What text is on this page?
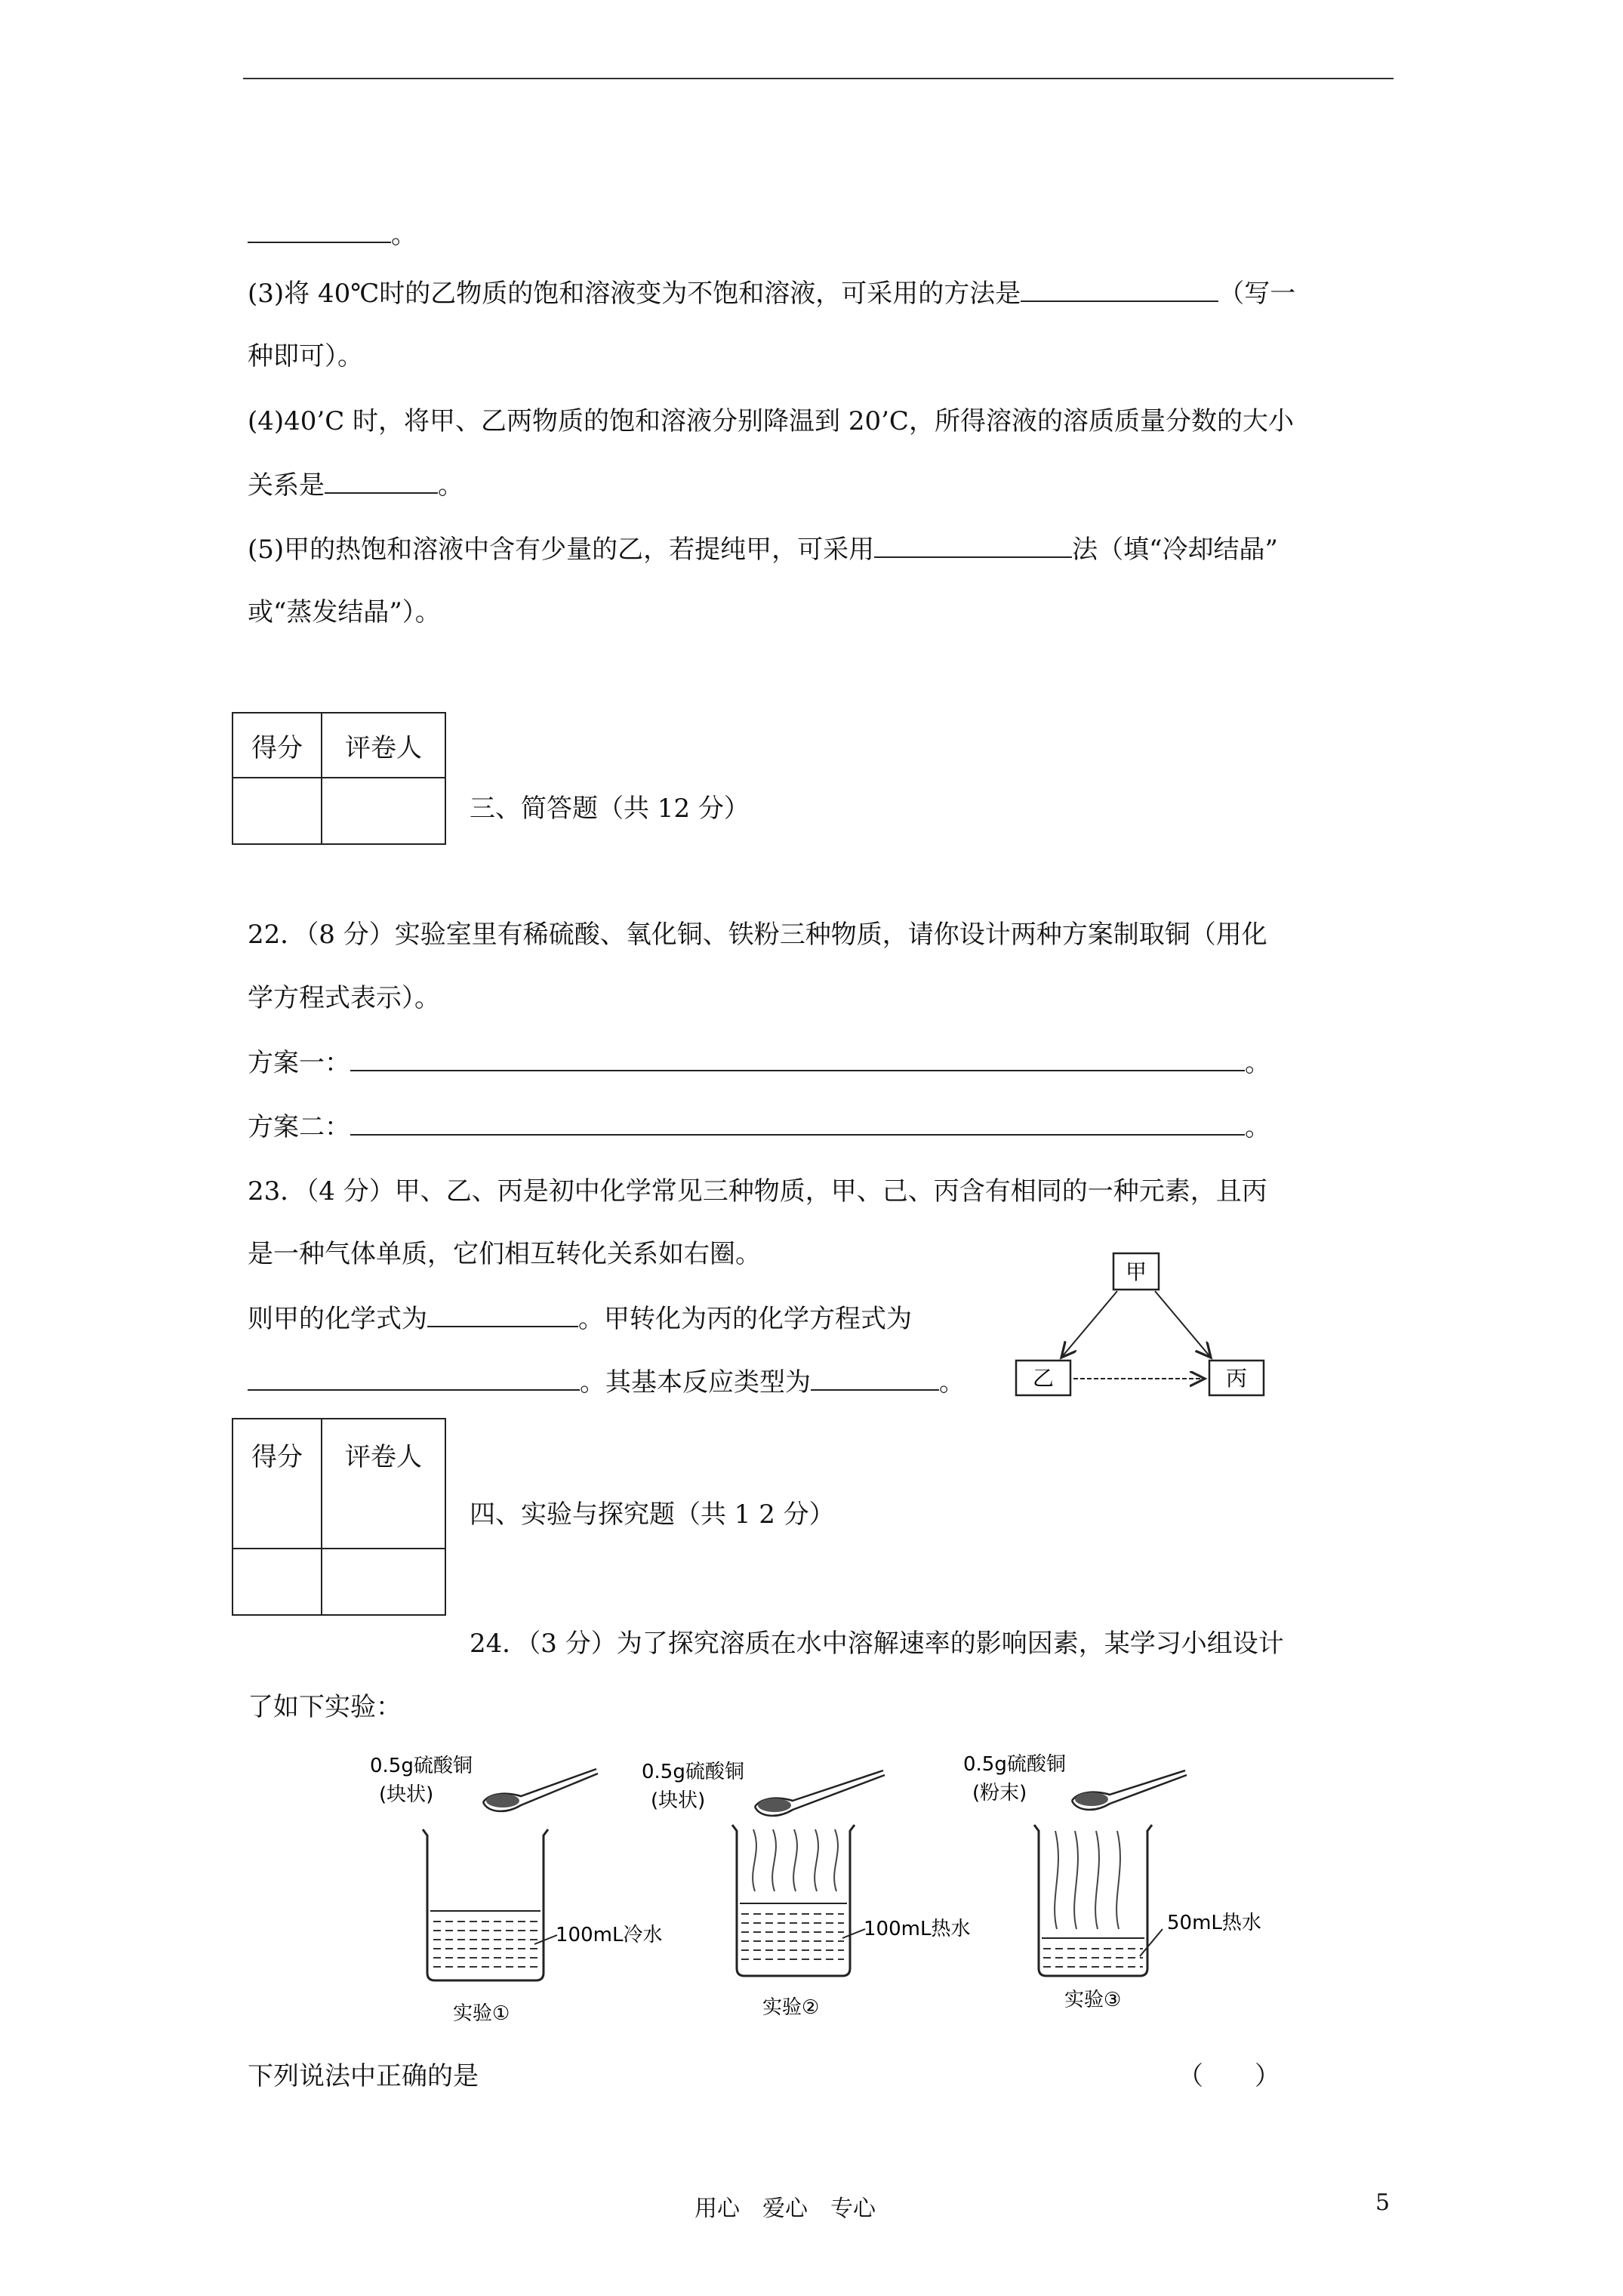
。
(3)将 40℃时的乙物质的饱和溶液变为不饱和溶液，可采用的方法是	（写一
种即可）。
(4)40’C 时，将甲、乙两物质的饱和溶液分别降温到 20’C，所得溶液的溶质质量分数的大小
关系是	。
(5)甲的热饱和溶液中含有少量的乙，若提纯甲，可采用	法（填“冷却结晶”
或“蒸发结晶”）。
得分	评卷人

三、简答题（共 12 分）
22．（8 分）实验室里有稀硫酸、氧化铜、铁粉三种物质，请你设计两种方案制取铜（用化
学方程式表示）。
方案一：	。
方案二：	。
23．（4 分）甲、乙、丙是初中化学常见三种物质，甲、己、丙含有相同的一种元素，且丙
是一种气体单质，它们相互转化关系如右圈。
则甲的化学式为	。甲转化为丙的化学方程式为
。其基本反应类型为	。
甲
乙	丙
得分	评卷人

四、实验与探究题（共 1 2 分）
24．（3 分）为了探究溶质在水中溶解速率的影响因素，某学习小组设计
了如下实验：
0.5g硫酸铜
(块状)
100mL冷水
实验①
0.5g硫酸铜
(块状)
100mL热水
实验②
0.5g硫酸铜
(粉末)
50mL热水
实验③
下列说法中正确的是	（　　）
用心　爱心　专心	5
